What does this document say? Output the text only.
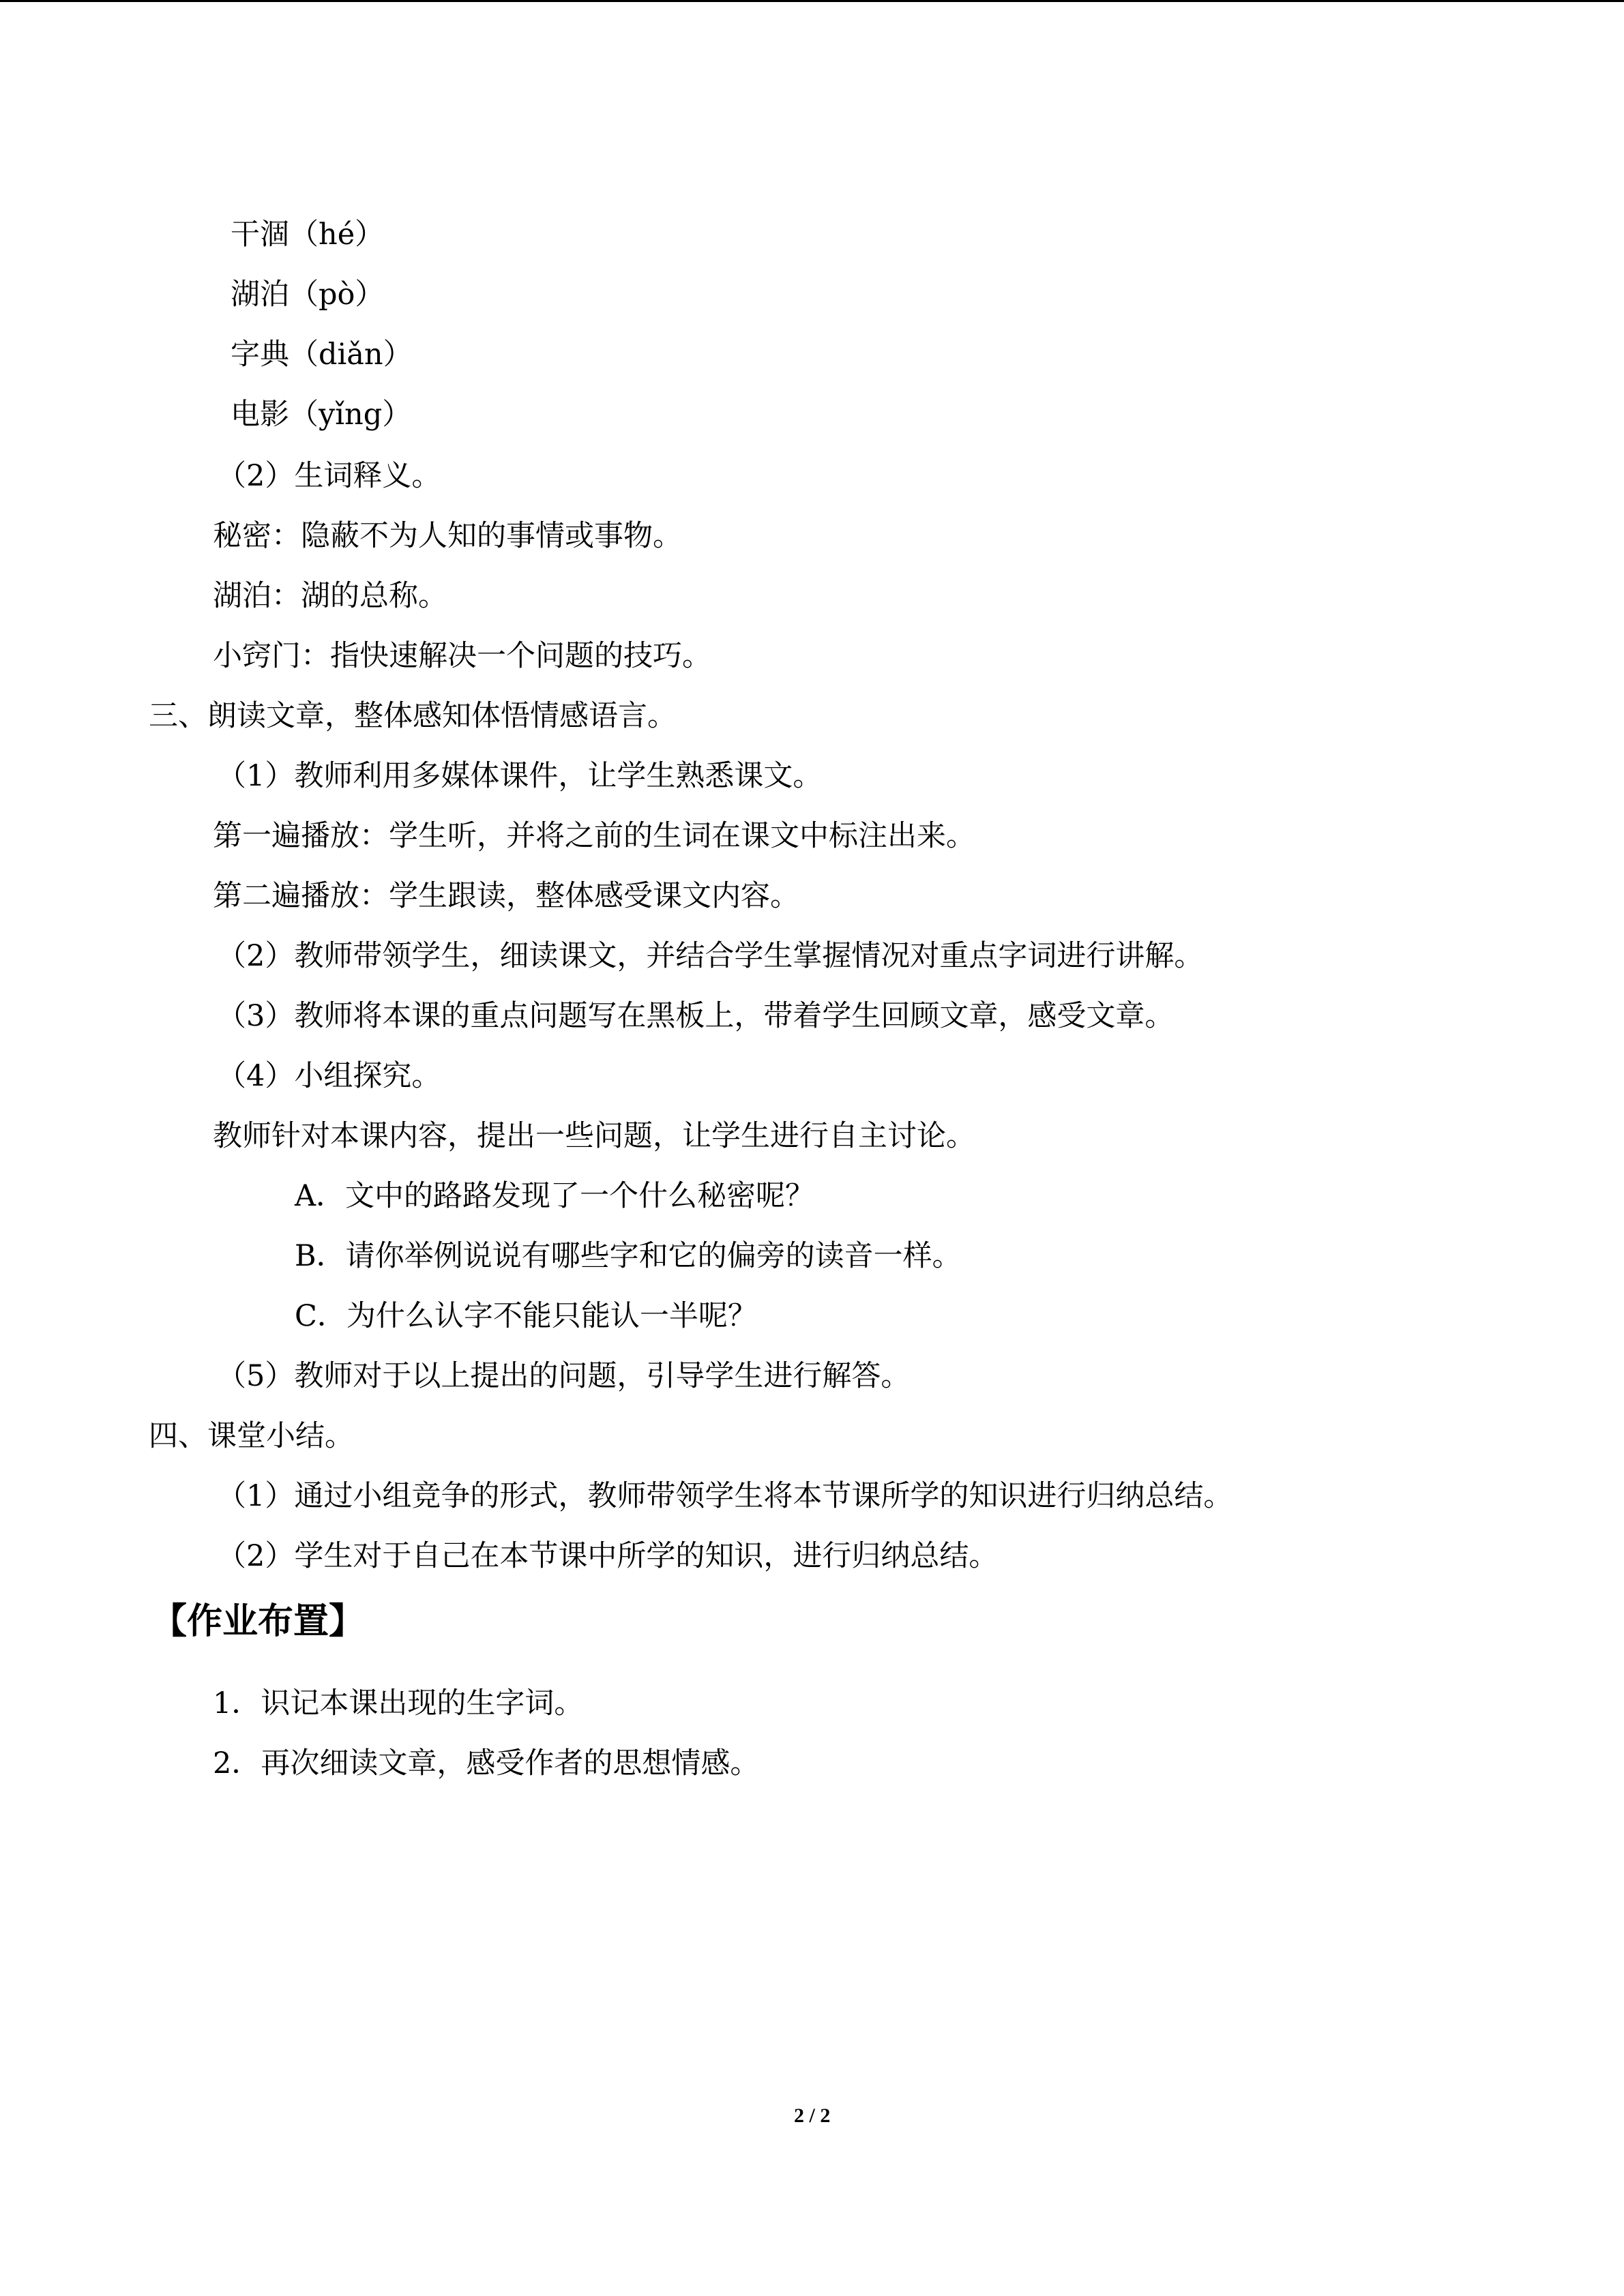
干涸（hé）
湖泊（pò）
字典（diǎn）
电影（yǐng）
（2）生词释义。
秘密：隐蔽不为人知的事情或事物。
湖泊：湖的总称。
小窍门：指快速解决一个问题的技巧。
三、朗读文章，整体感知体悟情感语言。
（1）教师利用多媒体课件，让学生熟悉课文。
第一遍播放：学生听，并将之前的生词在课文中标注出来。
第二遍播放：学生跟读，整体感受课文内容。
（2）教师带领学生，细读课文，并结合学生掌握情况对重点字词进行讲解。
（3）教师将本课的重点问题写在黑板上，带着学生回顾文章，感受文章。
（4）小组探究。
教师针对本课内容，提出一些问题，让学生进行自主讨论。
A．文中的路路发现了一个什么秘密呢？
B．请你举例说说有哪些字和它的偏旁的读音一样。
C．为什么认字不能只能认一半呢？
（5）教师对于以上提出的问题，引导学生进行解答。
四、课堂小结。
（1）通过小组竞争的形式，教师带领学生将本节课所学的知识进行归纳总结。
（2）学生对于自己在本节课中所学的知识，进行归纳总结。
【作业布置】
1．识记本课出现的生字词。
2．再次细读文章，感受作者的思想情感。
2 / 2
